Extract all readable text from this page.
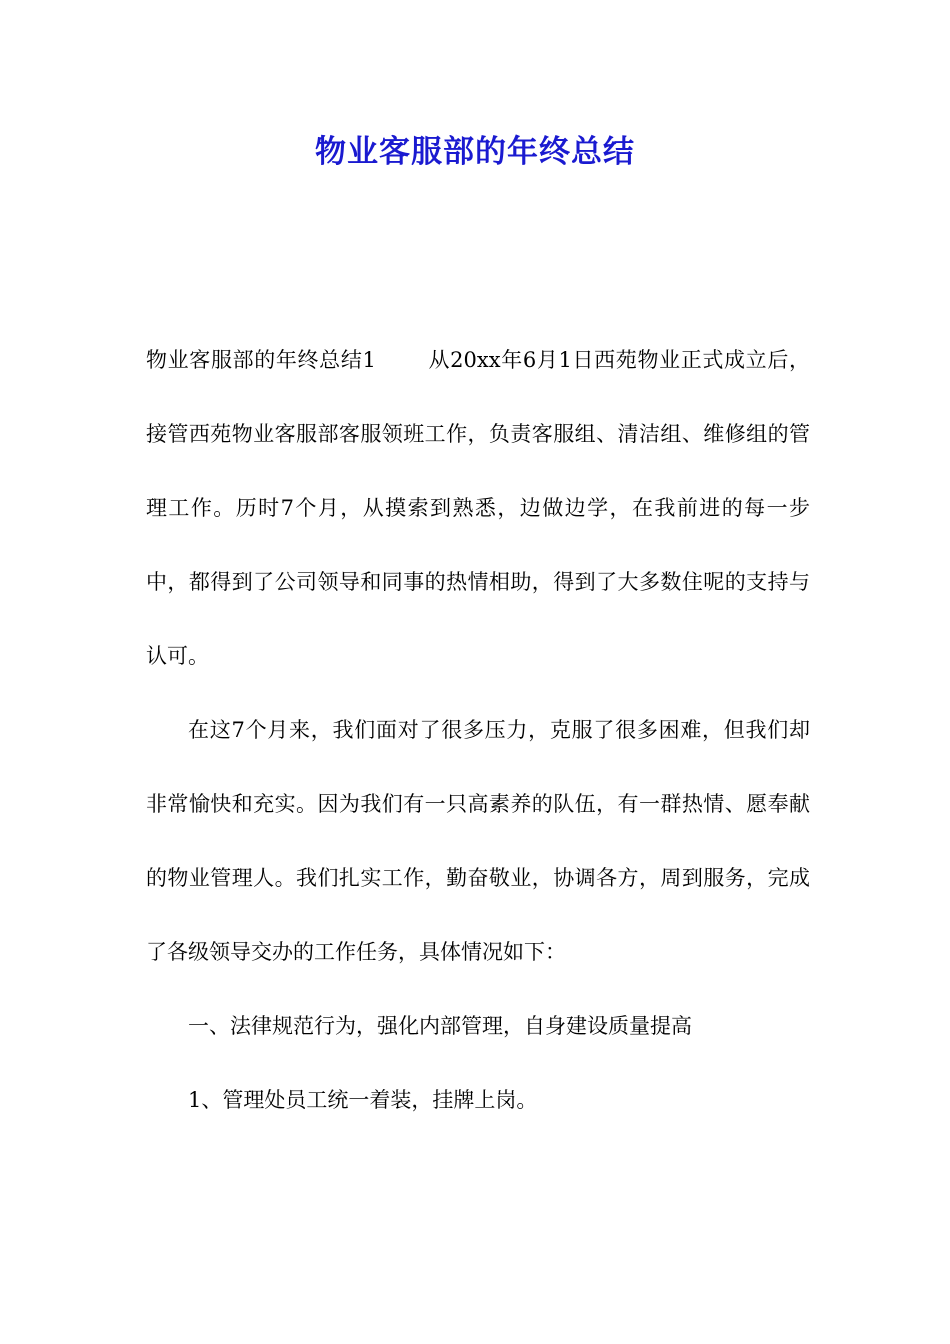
物业客服部的年终总结

物业客服部的年终总结1 从20xx年6月1日西苑物业正式成立后，接管西苑物业客服部客服领班工作，负责客服组、清洁组、维修组的管理工作。历时7个月，从摸索到熟悉，边做边学，在我前进的每一步中，都得到了公司领导和同事的热情相助，得到了大多数住呢的支持与认可。

在这7个月来，我们面对了很多压力，克服了很多困难，但我们却非常愉快和充实。因为我们有一只高素养的队伍，有一群热情、愿奉献的物业管理人。我们扎实工作，勤奋敬业，协调各方，周到服务，完成了各级领导交办的工作任务，具体情况如下：

一、法律规范行为，强化内部管理，自身建设质量提高

1、管理处员工统一着装，挂牌上岗。
